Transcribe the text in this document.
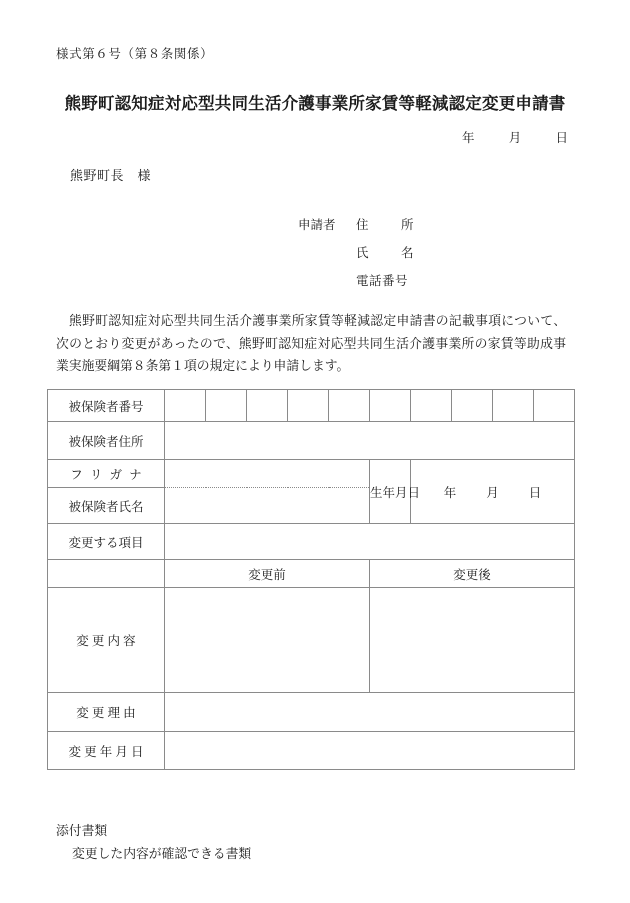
様式第６号（第８条関係）
熊野町認知症対応型共同生活介護事業所家賃等軽減認定変更申請書
年	月	日
熊野町長　様
申請者 住　所
氏　名
電話番号
熊野町認知症対応型共同生活介護事業所家賃等軽減認定申請書の記載事項について、次のとおり変更があったので、熊野町認知症対応型共同生活介護事業所の家賃等助成事業実施要綱第８条第１項の規定により申請します。
被保険者番号										
被保険者住所										
フ リ ガ ナ						生年月日	年 月 日			
被保険者氏名										
変更する項目										
	変更前					変更後				
変 更 内 容										
変 更 理 由										
変 更 年 月 日										
添付書類
変更した内容が確認できる書類
